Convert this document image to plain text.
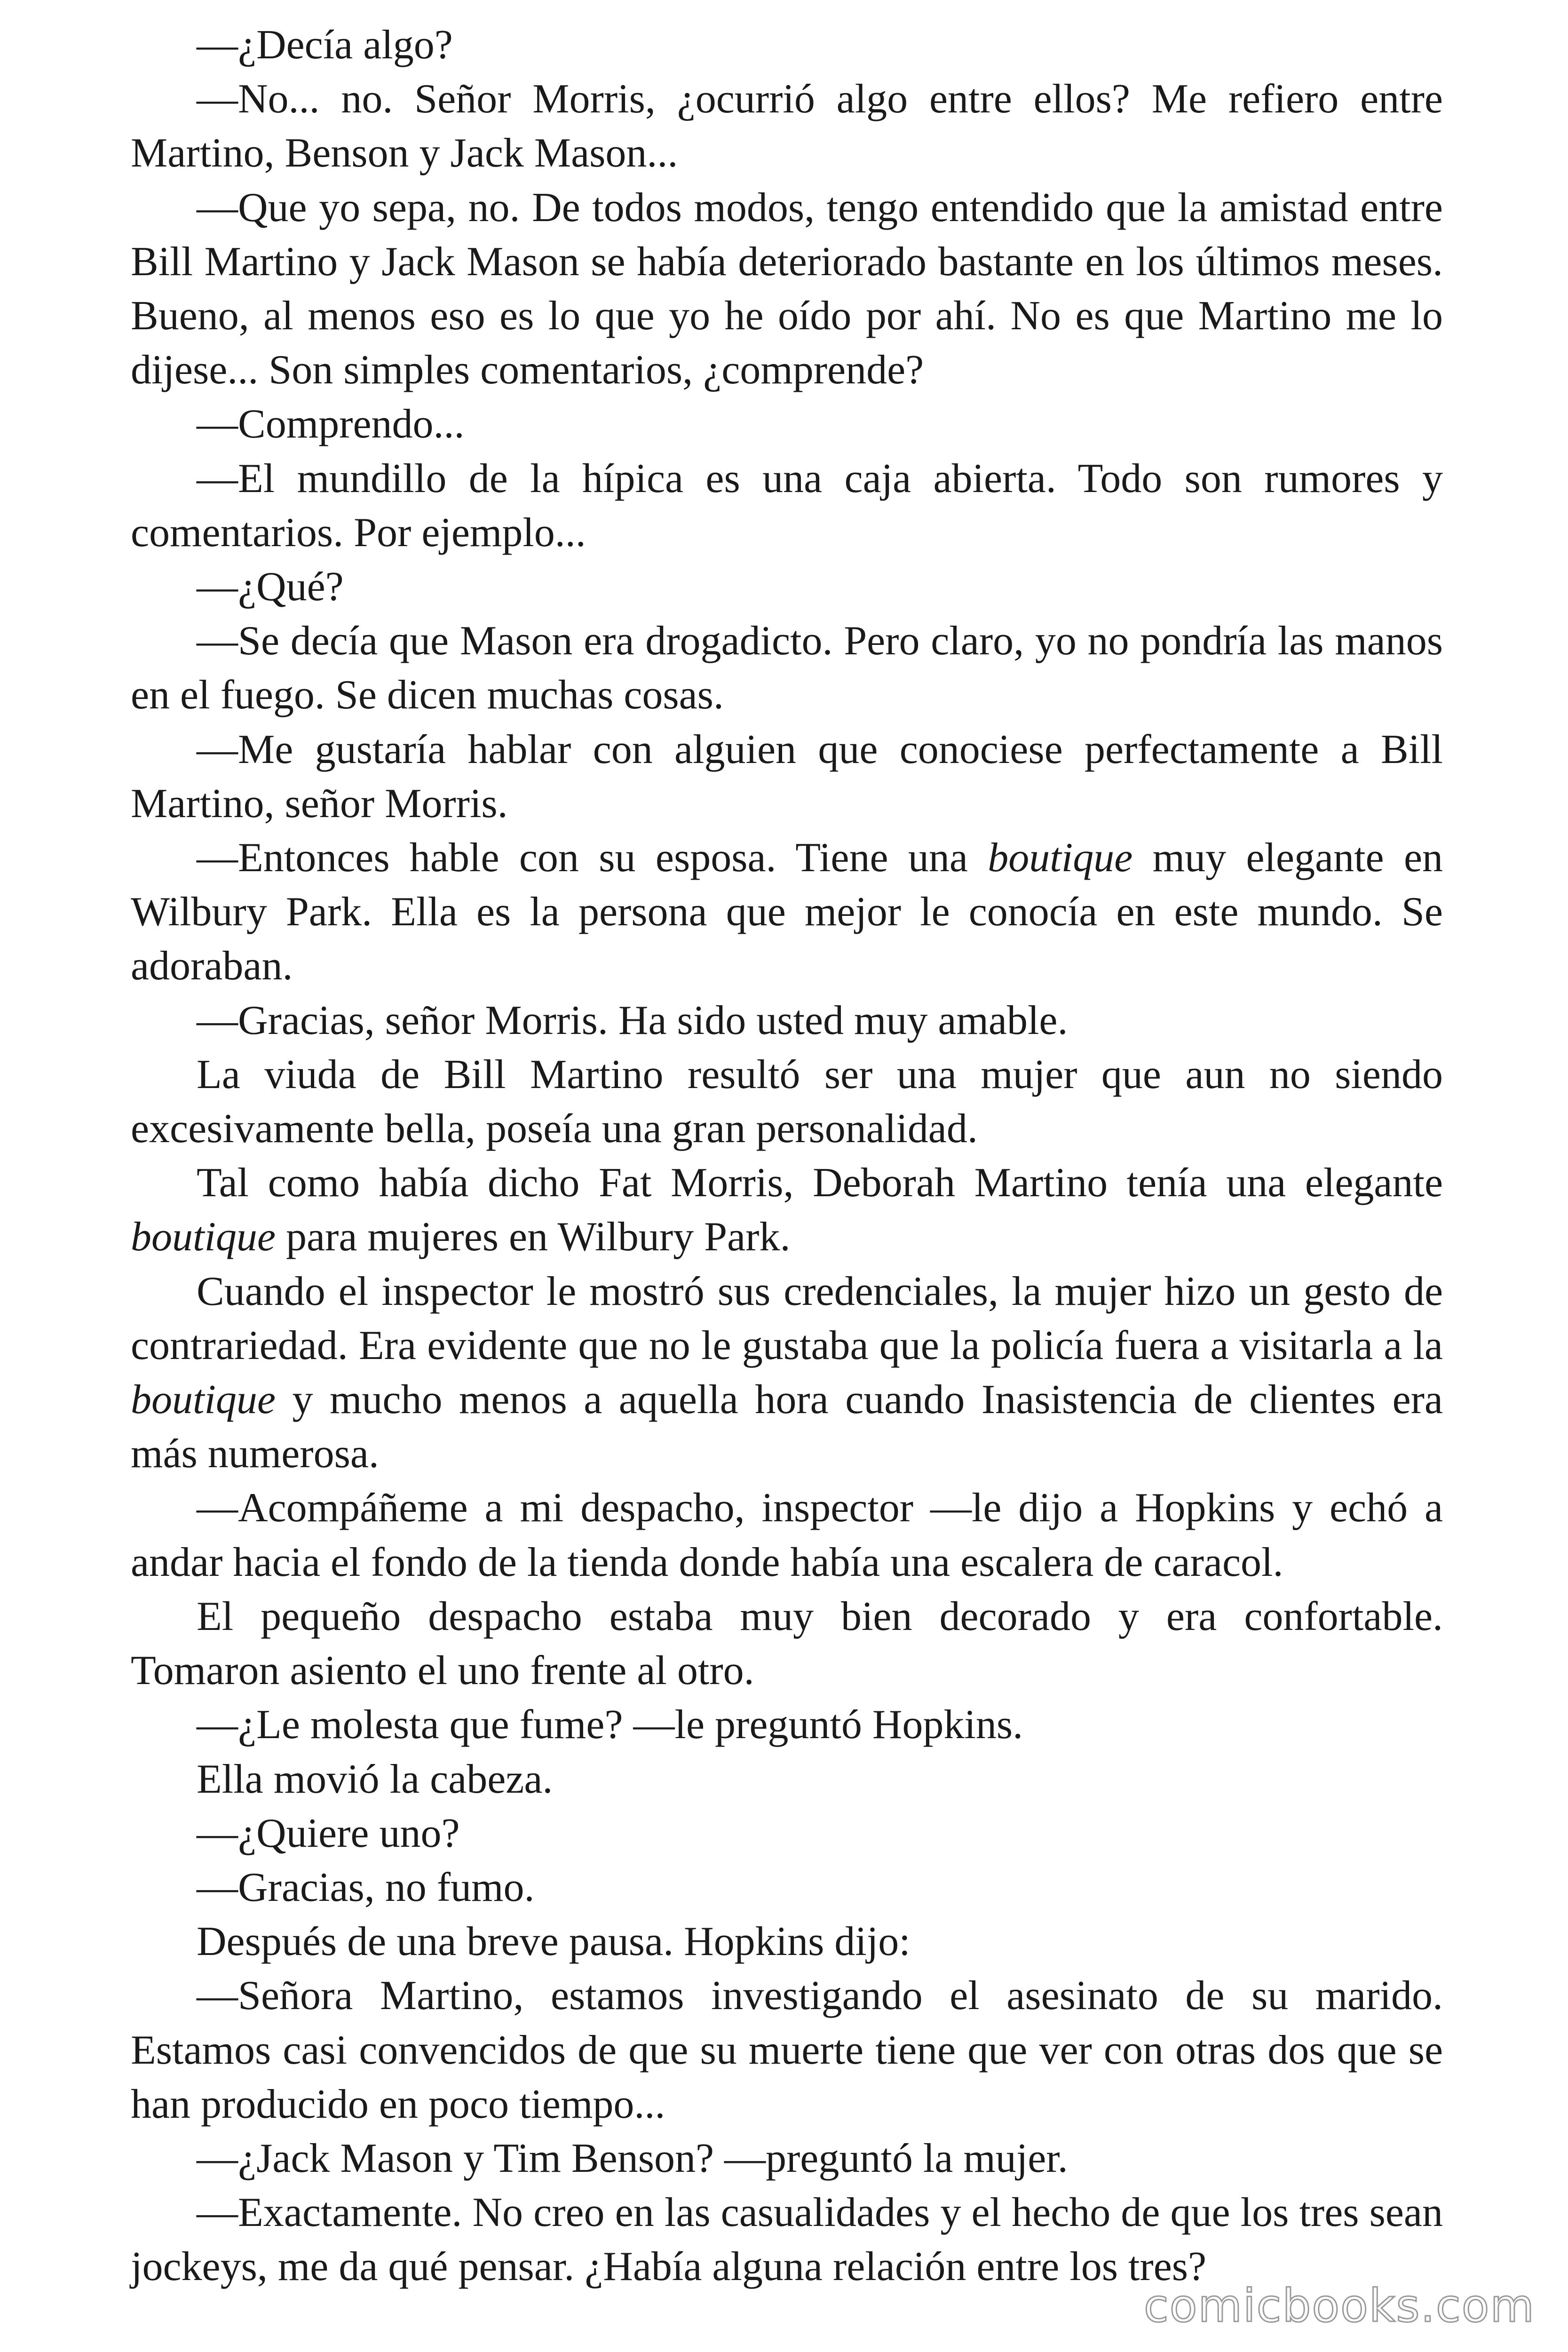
—¿Decía algo?

—No... no. Señor Morris, ¿ocurrió algo entre ellos? Me refiero entre Martino, Benson y Jack Mason...

—Que yo sepa, no. De todos modos, tengo entendido que la amistad entre Bill Martino y Jack Mason se había deteriorado bastante en los últimos meses. Bueno, al menos eso es lo que yo he oído por ahí. No es que Martino me lo dijese... Son simples comentarios, ¿comprende?

—Comprendo...

—El mundillo de la hípica es una caja abierta. Todo son rumores y comentarios. Por ejemplo...

—¿Qué?

—Se decía que Mason era drogadicto. Pero claro, yo no pondría las manos en el fuego. Se dicen muchas cosas.

—Me gustaría hablar con alguien que conociese perfectamente a Bill Martino, señor Morris.

—Entonces hable con su esposa. Tiene una boutique muy elegante en Wilbury Park. Ella es la persona que mejor le conocía en este mundo. Se adoraban.

—Gracias, señor Morris. Ha sido usted muy amable.

La viuda de Bill Martino resultó ser una mujer que aun no siendo excesivamente bella, poseía una gran personalidad.

Tal como había dicho Fat Morris, Deborah Martino tenía una elegante boutique para mujeres en Wilbury Park.

Cuando el inspector le mostró sus credenciales, la mujer hizo un gesto de contrariedad. Era evidente que no le gustaba que la policía fuera a visitarla a la boutique y mucho menos a aquella hora cuando Inasistencia de clientes era más numerosa.

—Acompáñeme a mi despacho, inspector —le dijo a Hopkins y echó a andar hacia el fondo de la tienda donde había una escalera de caracol.

El pequeño despacho estaba muy bien decorado y era confortable. Tomaron asiento el uno frente al otro.

—¿Le molesta que fume? —le preguntó Hopkins.

Ella movió la cabeza.

—¿Quiere uno?

—Gracias, no fumo.

Después de una breve pausa. Hopkins dijo:

—Señora Martino, estamos investigando el asesinato de su marido. Estamos casi convencidos de que su muerte tiene que ver con otras dos que se han producido en poco tiempo...

—¿Jack Mason y Tim Benson? —preguntó la mujer.

—Exactamente. No creo en las casualidades y el hecho de que los tres sean jockeys, me da qué pensar. ¿Había alguna relación entre los tres?

comicbooks.com
